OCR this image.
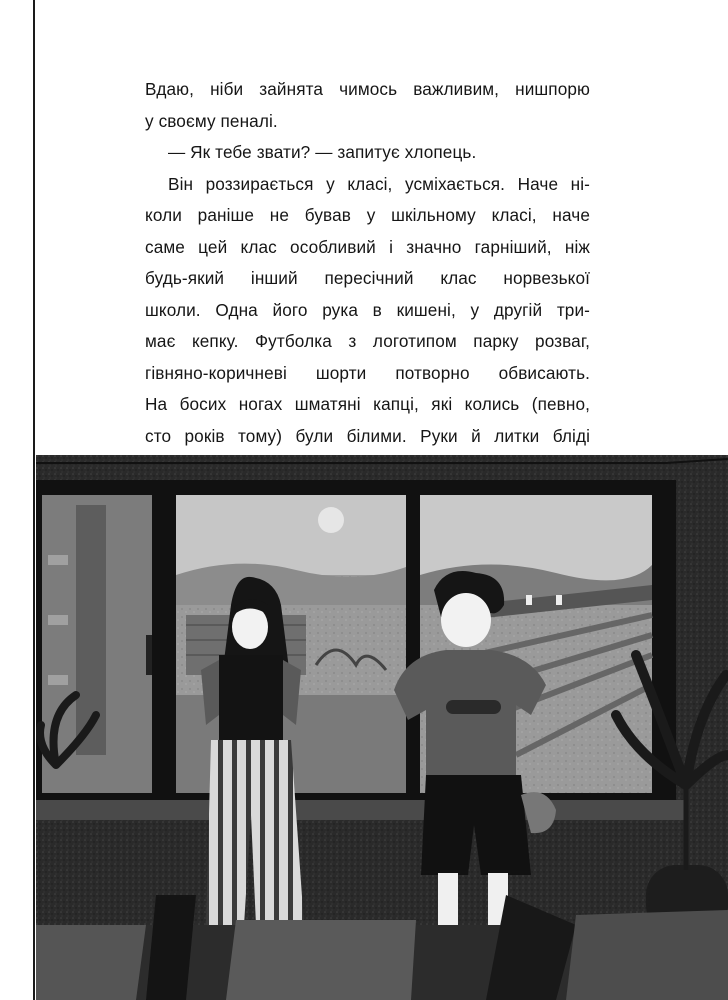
Вдаю, ніби зайнята чимось важливим, нишпорю
у своєму пеналі.
— Як тебе звати? — запитує хлопець.
Він роззирається у класі, усміхається. Наче ні-
коли раніше не бував у шкільному класі, наче
саме цей клас особливий і значно гарніший, ніж
будь-який інший пересічний клас норвезької
школи. Одна його рука в кишені, у другій три-
має кепку. Футболка з логотипом парку розваг,
гівняно-коричневі шорти потворно обвисають.
На босих ногах шматяні капці, які колись (певно,
сто років тому) були білими. Руки й литки бліді
